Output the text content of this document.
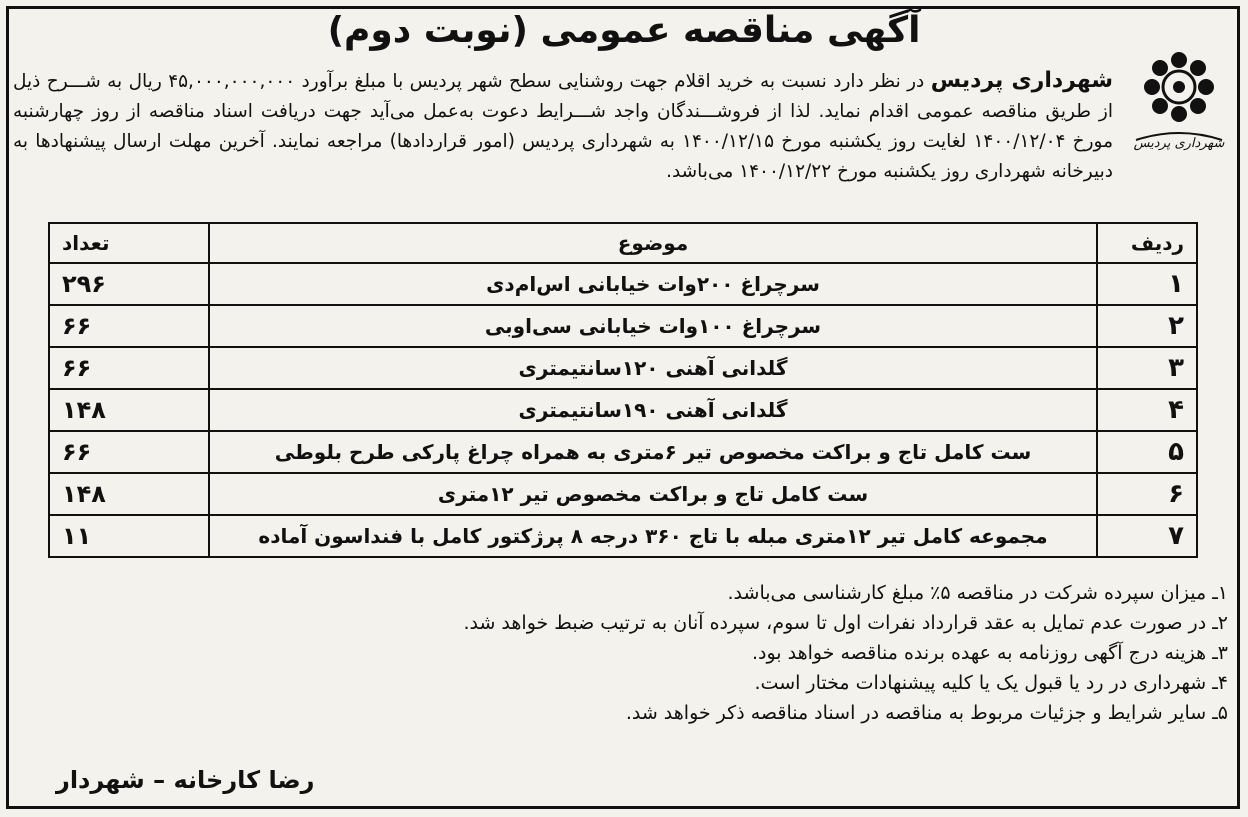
آگهی مناقصه عمومی (نوبت دوم)
شهرداری پردیس
شهرداری پردیس در نظر دارد نسبت به خرید اقلام جهت روشنایی سطح شهر پردیس با مبلغ برآورد ۴۵,۰۰۰,۰۰۰,۰۰۰ ریال به شـــرح ذیل از طریق مناقصه عمومی اقدام نماید. لذا از فروشـــندگان واجد شـــرایط دعوت به‌عمل می‌آید جهت دریافت اسناد مناقصه از روز چهارشنبه مورخ ۱۴۰۰/۱۲/۰۴ لغایت روز یکشنبه مورخ ۱۴۰۰/۱۲/۱۵ به شهرداری پردیس (امور قراردادها) مراجعه نمایند. آخرین مهلت ارسال پیشنهادها به دبیرخانه شهرداری روز یکشنبه مورخ ۱۴۰۰/۱۲/۲۲ می‌باشد.
ردیف	موضوع	تعداد
۱	سرچراغ ۲۰۰وات خیابانی اس‌ام‌دی	۲۹۶
۲	سرچراغ ۱۰۰وات خیابانی سی‌اوبی	۶۶
۳	گلدانی آهنی ۱۲۰سانتیمتری	۶۶
۴	گلدانی آهنی ۱۹۰سانتیمتری	۱۴۸
۵	ست کامل تاج و براکت مخصوص تیر ۶متری به همراه چراغ پارکی طرح بلوطی	۶۶
۶	ست کامل تاج و براکت مخصوص تیر ۱۲متری	۱۴۸
۷	مجموعه کامل تیر ۱۲متری مبله با تاج ۳۶۰ درجه ۸ پرژکتور کامل با فنداسون آماده	۱۱
۱ـ میزان سپرده شرکت در مناقصه ۵٪ مبلغ کارشناسی می‌باشد.
۲ـ در صورت عدم تمایل به عقد قرارداد نفرات اول تا سوم، سپرده آنان به ترتیب ضبط خواهد شد.
۳ـ هزینه درج آگهی روزنامه به عهده برنده مناقصه خواهد بود.
۴ـ شهرداری در رد یا قبول یک یا کلیه پیشنهادات مختار است.
۵ـ سایر شرایط و جزئیات مربوط به مناقصه در اسناد مناقصه ذکر خواهد شد.
رضا کارخانه – شهردار
